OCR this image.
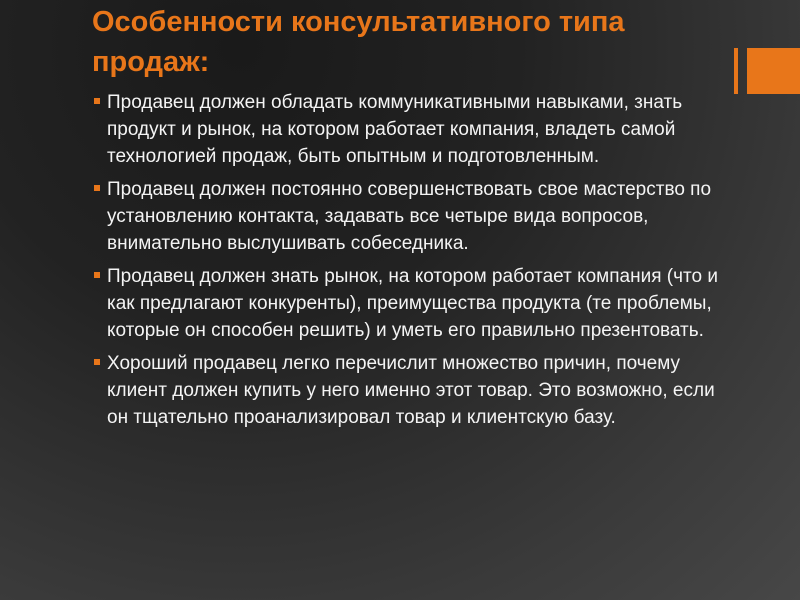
Особенности консультативного типа продаж:
Продавец должен обладать коммуникативными навыками, знать продукт и рынок, на котором работает компания, владеть самой технологией продаж, быть опытным и подготовленным.
Продавец должен постоянно совершенствовать свое мастерство по установлению контакта, задавать все четыре вида вопросов, внимательно выслушивать собеседника.
Продавец должен знать рынок, на котором работает компания (что и как предлагают конкуренты), преимущества продукта (те проблемы, которые он способен решить) и уметь его правильно презентовать.
Хороший продавец легко перечислит множество причин, почему клиент должен купить у него именно этот товар. Это возможно, если он тщательно проанализировал товар и клиентскую базу.
